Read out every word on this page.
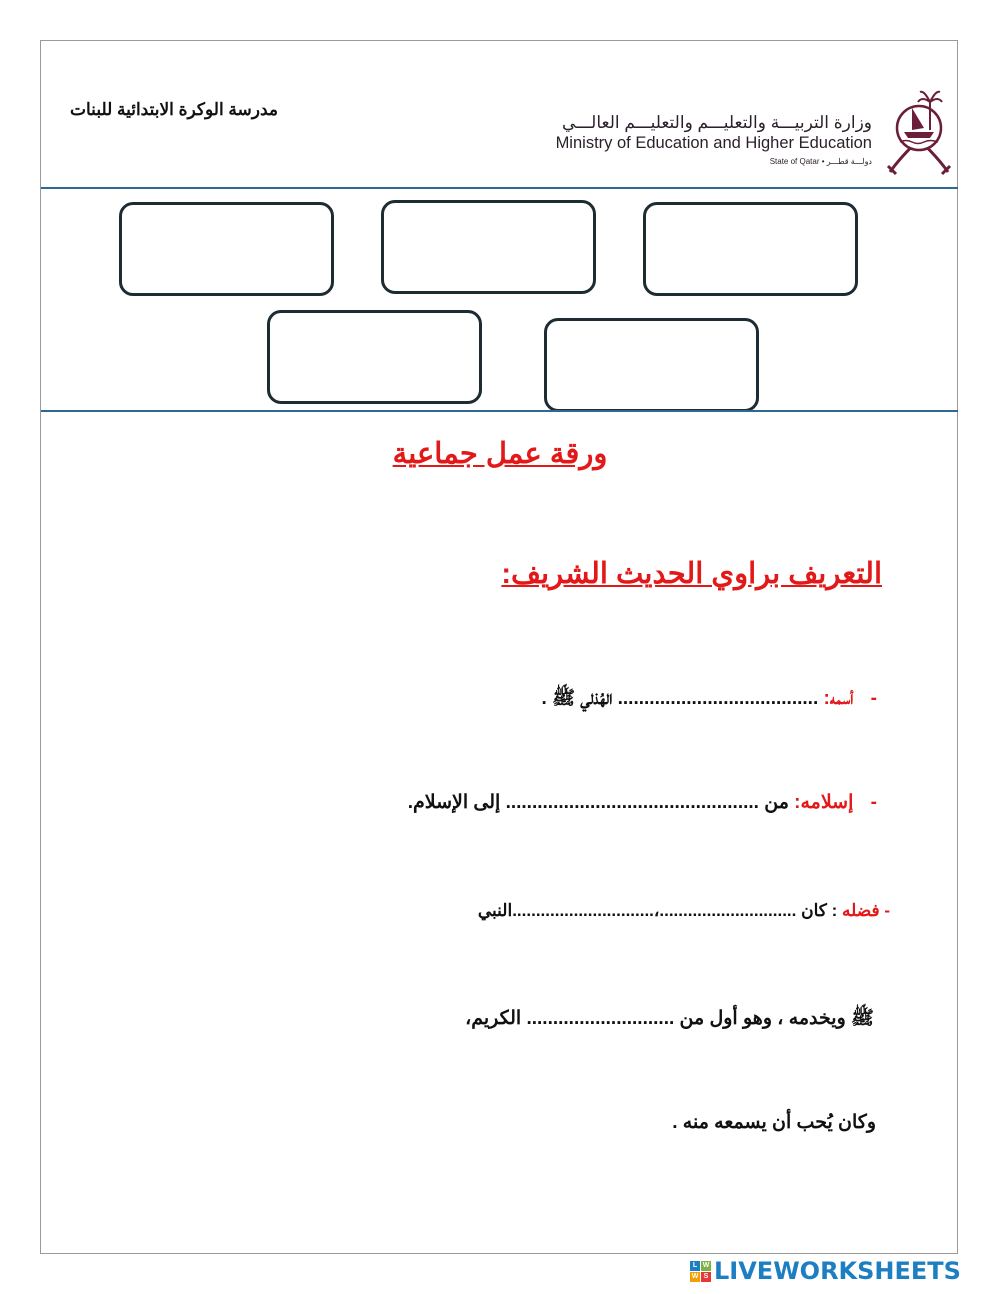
مدرسة الوكرة الابتدائية للبنات
وزارة التربيـــة والتعليـــم والتعليـــم العالـــي
Ministry of Education and Higher Education
State of Qatar • دولـــة قطـــر
ورقة عمل جماعية
التعريف براوي الحديث الشريف:
- أسمه: ...................................... الهُذلي ﷺ .
- إسلامه: من ................................................ إلى الإسلام.
- فضله : كان .............................،..............................النبي
ﷺ ويخدمه ، وهو أول من ............................ الكريم،
وكان يُحب أن يسمعه منه .
L W
W S LIVEWORKSHEETS
